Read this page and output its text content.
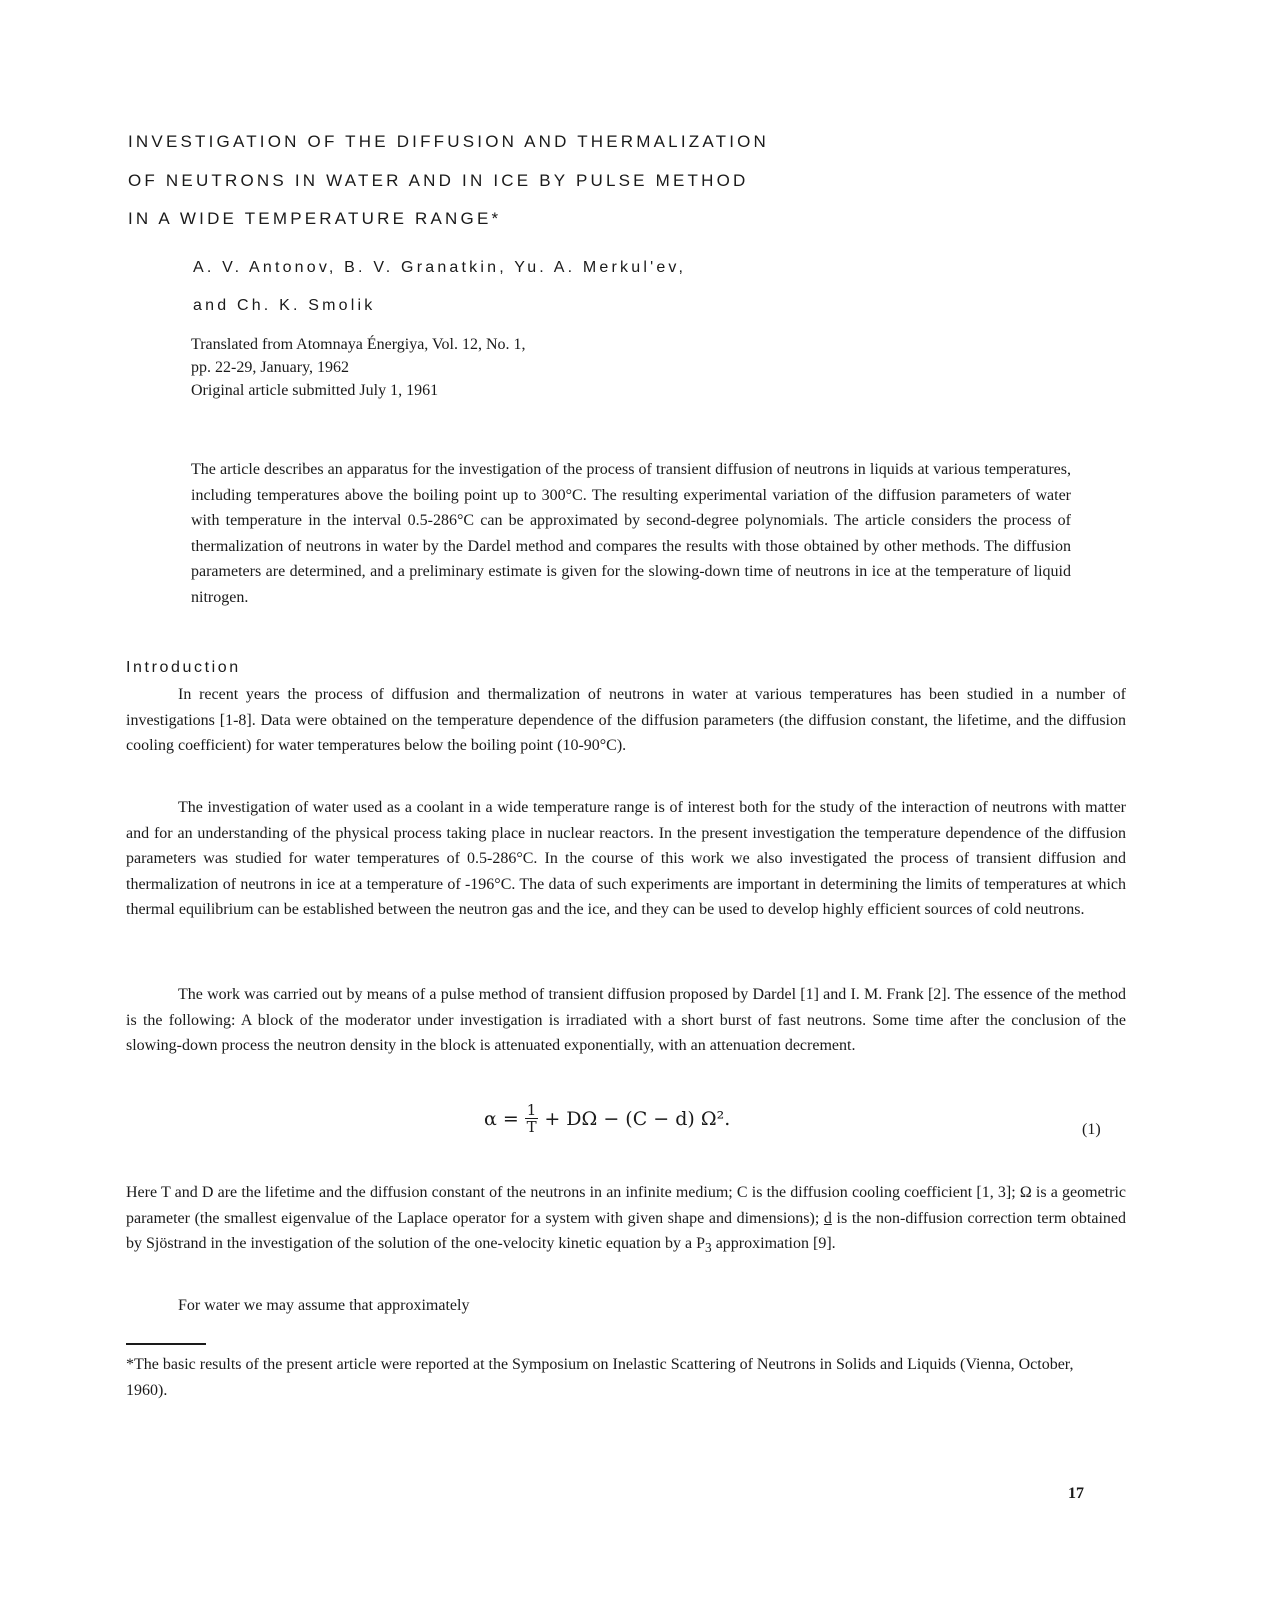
INVESTIGATION OF THE DIFFUSION AND THERMALIZATION
OF NEUTRONS IN WATER AND IN ICE BY PULSE METHOD
IN A WIDE TEMPERATURE RANGE*
A. V. Antonov, B. V. Granatkin, Yu. A. Merkul'ev,
and Ch. K. Smolik
Translated from Atomnaya Énergiya, Vol. 12, No. 1,
pp. 22-29, January, 1962
Original article submitted July 1, 1961
The article describes an apparatus for the investigation of the process of transient diffusion of neutrons in liquids at various temperatures, including temperatures above the boiling point up to 300°C. The resulting experimental variation of the diffusion parameters of water with temperature in the interval 0.5-286°C can be approximated by second-degree polynomials. The article considers the process of thermalization of neutrons in water by the Dardel method and compares the results with those obtained by other methods. The diffusion parameters are determined, and a preliminary estimate is given for the slowing-down time of neutrons in ice at the temperature of liquid nitrogen.
Introduction

In recent years the process of diffusion and thermalization of neutrons in water at various temperatures has been studied in a number of investigations [1-8]. Data were obtained on the temperature dependence of the diffusion parameters (the diffusion constant, the lifetime, and the diffusion cooling coefficient) for water temperatures below the boiling point (10-90°C).

The investigation of water used as a coolant in a wide temperature range is of interest both for the study of the interaction of neutrons with matter and for an understanding of the physical process taking place in nuclear reactors. In the present investigation the temperature dependence of the diffusion parameters was studied for water temperatures of 0.5-286°C. In the course of this work we also investigated the process of transient diffusion and thermalization of neutrons in ice at a temperature of -196°C. The data of such experiments are important in determining the limits of temperatures at which thermal equilibrium can be established between the neutron gas and the ice, and they can be used to develop highly efficient sources of cold neutrons.

The work was carried out by means of a pulse method of transient diffusion proposed by Dardel [1] and I. M. Frank [2]. The essence of the method is the following: A block of the moderator under investigation is irradiated with a short burst of fast neutrons. Some time after the conclusion of the slowing-down process the neutron density in the block is attenuated exponentially, with an attenuation decrement.

$\alpha = \frac{1}{T} + D\Omega - (C - d)$ Ω².	(1)

Here T and D are the lifetime and the diffusion constant of the neutrons in an infinite medium; C is the diffusion cooling coefficient [1, 3]; Ω is a geometric parameter (the smallest eigenvalue of the Laplace operator for a system with given shape and dimensions); d is the non-diffusion correction term obtained by Sjöstrand in the investigation of the solution of the one-velocity kinetic equation by a $P_3$ approximation [9].

For water we may assume that approximately

*The basic results of the present article were reported at the Symposium on Inelastic Scattering of Neutrons in Solids and Liquids (Vienna, October, 1960).
17
